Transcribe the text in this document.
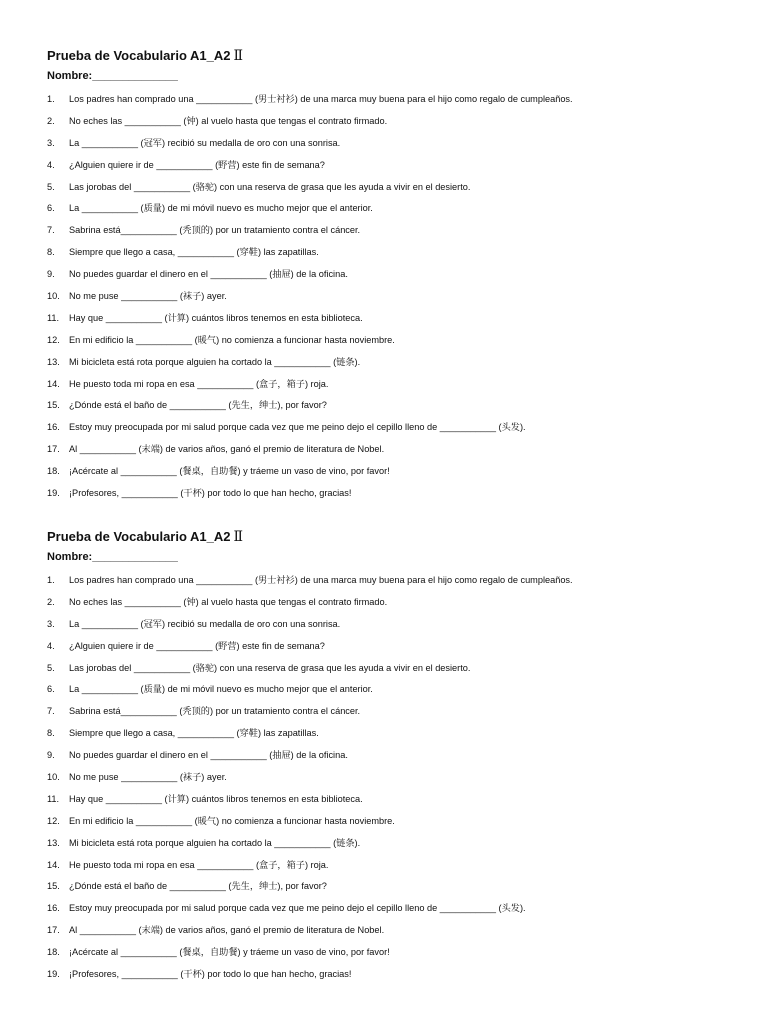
Prueba de Vocabulario A1_A2 Ⅱ
Nombre:______________
1.	Los padres han comprado una ___________ (男士衬衫) de una marca muy buena para el hijo como regalo de cumpleaños.
2.	No eches las ___________ (钟) al vuelo hasta que tengas el contrato firmado.
3.	La ___________ (冠军) recibió su medalla de oro con una sonrisa.
4.	¿Alguien quiere ir de ___________ (野营) este fin de semana?
5.	Las jorobas del ___________ (骆驼) con una reserva de grasa que les ayuda a vivir en el desierto.
6.	La ___________ (质量) de mi móvil nuevo es mucho mejor que el anterior.
7.	Sabrina está___________ (秃顶的) por un tratamiento contra el cáncer.
8.	Siempre que llego a casa, ___________ (穿鞋) las zapatillas.
9.	No puedes guardar el dinero en el ___________ (抽屉) de la oficina.
10.	No me puse ___________ (袜子) ayer.
11.	Hay que ___________ (计算) cuántos libros tenemos en esta biblioteca.
12.	En mi edificio la ___________ (暖气) no comienza a funcionar hasta noviembre.
13.	Mi bicicleta está rota porque alguien ha cortado la ___________ (链条).
14.	He puesto toda mi ropa en esa ___________ (盒子，箱子) roja.
15.	¿Dónde está el baño de ___________ (先生，绅士), por favor?
16.	Estoy muy preocupada por mi salud porque cada vez que me peino dejo el cepillo lleno de ___________ (头发).
17.	Al ___________ (末端) de varios años, ganó el premio de literatura de Nobel.
18.	¡Acércate al ___________ (餐桌，自助餐) y tráeme un vaso de vino, por favor!
19.	¡Profesores, ___________ (干杯) por todo lo que han hecho, gracias!
Prueba de Vocabulario A1_A2 Ⅱ
Nombre:______________
1.	Los padres han comprado una ___________ (男士衬衫) de una marca muy buena para el hijo como regalo de cumpleaños.
2.	No eches las ___________ (钟) al vuelo hasta que tengas el contrato firmado.
3.	La ___________ (冠军) recibió su medalla de oro con una sonrisa.
4.	¿Alguien quiere ir de ___________ (野营) este fin de semana?
5.	Las jorobas del ___________ (骆驼) con una reserva de grasa que les ayuda a vivir en el desierto.
6.	La ___________ (质量) de mi móvil nuevo es mucho mejor que el anterior.
7.	Sabrina está___________ (秃顶的) por un tratamiento contra el cáncer.
8.	Siempre que llego a casa, ___________ (穿鞋) las zapatillas.
9.	No puedes guardar el dinero en el ___________ (抽屉) de la oficina.
10.	No me puse ___________ (袜子) ayer.
11.	Hay que ___________ (计算) cuántos libros tenemos en esta biblioteca.
12.	En mi edificio la ___________ (暖气) no comienza a funcionar hasta noviembre.
13.	Mi bicicleta está rota porque alguien ha cortado la ___________ (链条).
14.	He puesto toda mi ropa en esa ___________ (盒子，箱子) roja.
15.	¿Dónde está el baño de ___________ (先生，绅士), por favor?
16.	Estoy muy preocupada por mi salud porque cada vez que me peino dejo el cepillo lleno de ___________ (头发).
17.	Al ___________ (末端) de varios años, ganó el premio de literatura de Nobel.
18.	¡Acércate al ___________ (餐桌，自助餐) y tráeme un vaso de vino, por favor!
19.	¡Profesores, ___________ (干杯) por todo lo que han hecho, gracias!
